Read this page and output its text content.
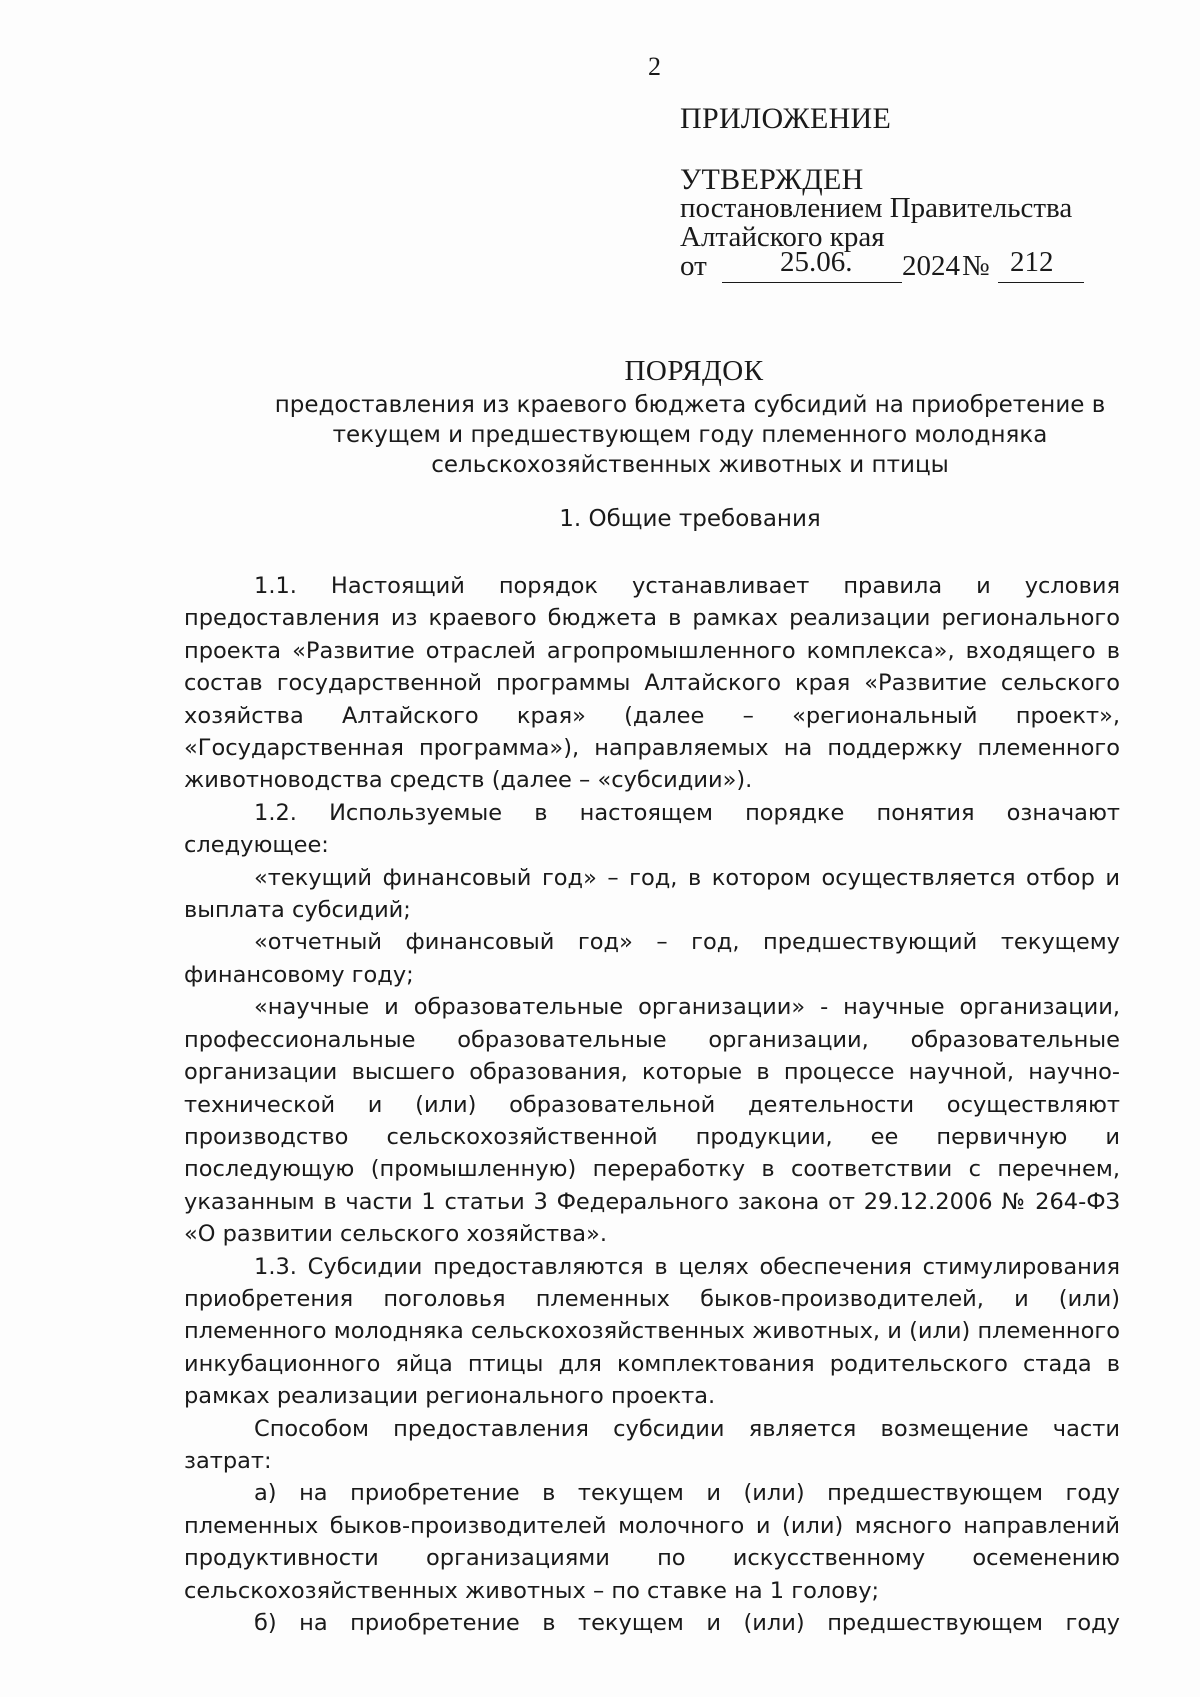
2
ПРИЛОЖЕНИЕ
УТВЕРЖДЕН
постановлением Правительства
Алтайского края
от	25.06. 2024 № 212
ПОРЯДОК
предоставления из краевого бюджета субсидий на приобретение в
текущем и предшествующем году племенного молодняка
сельскохозяйственных животных и птицы
1. Общие требования

1.1. Настоящий порядок устанавливает правила и условия предоставления из краевого бюджета в рамках реализации регионального проекта «Развитие отраслей агропромышленного комплекса», входящего в состав государственной программы Алтайского края «Развитие сельского хозяйства Алтайского края» (далее – «региональный проект», «Государственная программа»), направляемых на поддержку племенного животноводства средств (далее – «субсидии»).

1.2. Используемые в настоящем порядке понятия означают следующее:

«текущий финансовый год» – год, в котором осуществляется отбор и выплата субсидий;

«отчетный финансовый год» – год, предшествующий текущему финансовому году;

«научные и образовательные организации» - научные организации, профессиональные образовательные организации, образовательные организации высшего образования, которые в процессе научной, научно-технической и (или) образовательной деятельности осуществляют производство сельскохозяйственной продукции, ее первичную и последующую (промышленную) переработку в соответствии с перечнем, указанным в части 1 статьи 3 Федерального закона от 29.12.2006 № 264-ФЗ «О развитии сельского хозяйства».

1.3. Субсидии предоставляются в целях обеспечения стимулирования приобретения поголовья племенных быков-производителей, и (или) племенного молодняка сельскохозяйственных животных, и (или) племенного инкубационного яйца птицы для комплектования родительского стада в рамках реализации регионального проекта.

Способом предоставления субсидии является возмещение части затрат:

а) на приобретение в текущем и (или) предшествующем году племенных быков-производителей молочного и (или) мясного направлений продуктивности организациями по искусственному осеменению сельскохозяйственных животных – по ставке на 1 голову;

б) на приобретение в текущем и (или) предшествующем году
